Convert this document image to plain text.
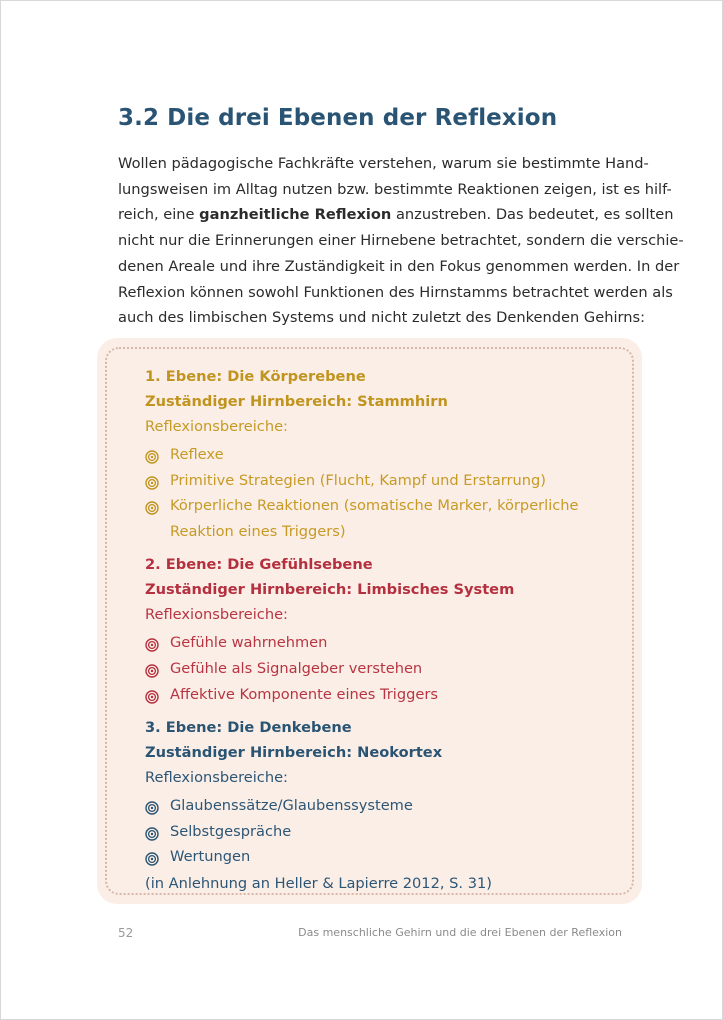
3.2 Die drei Ebenen der Reflexion

Wollen pädagogische Fachkräfte verstehen, warum sie bestimmte Hand-
lungsweisen im Alltag nutzen bzw. bestimmte Reaktionen zeigen, ist es hilf-
reich, eine ganzheitliche Reflexion anzustreben. Das bedeutet, es sollten
nicht nur die Erinnerungen einer Hirnebene betrachtet, sondern die verschie-
denen Areale und ihre Zuständigkeit in den Fokus genommen werden. In der
Reflexion können sowohl Funktionen des Hirnstamms betrachtet werden als
auch des limbischen Systems und nicht zuletzt des Denkenden Gehirns:

1. Ebene: Die Körperebene
Zuständiger Hirnbereich: Stammhirn
Reflexionsbereiche:
Reflexe
Primitive Strategien (Flucht, Kampf und Erstarrung)
Körperliche Reaktionen (somatische Marker, körperliche
Reaktion eines Triggers)
2. Ebene: Die Gefühlsebene
Zuständiger Hirnbereich: Limbisches System
Reflexionsbereiche:
Gefühle wahrnehmen
Gefühle als Signalgeber verstehen
Affektive Komponente eines Triggers
3. Ebene: Die Denkebene
Zuständiger Hirnbereich: Neokortex
Reflexionsbereiche:
Glaubenssätze/Glaubenssysteme
Selbstgespräche
Wertungen
(in Anlehnung an Heller & Lapierre 2012, S. 31)
52	Das menschliche Gehirn und die drei Ebenen der Reflexion
